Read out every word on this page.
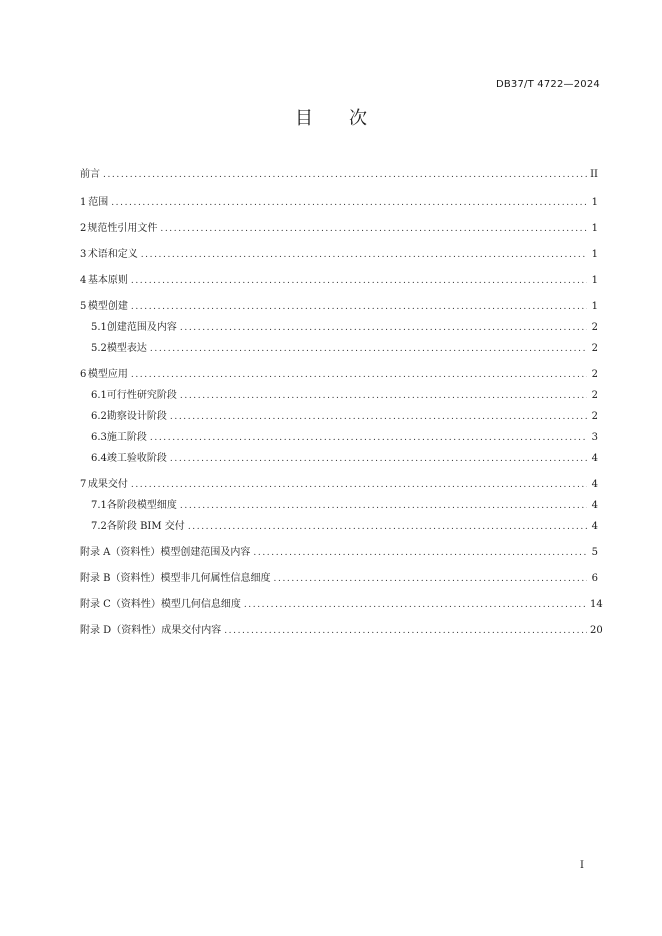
DB37/T 4722—2024
目 次
前言 .....	II
1 范围 .....	1
2 规范性引用文件 .....	1
3 术语和定义 .....	1
4 基本原则 .....	1
5 模型创建 .....	1
5.1 创建范围及内容 .....	2
5.2 模型表达 .....	2
6 模型应用 .....	2
6.1 可行性研究阶段 .....	2
6.2 勘察设计阶段 .....	2
6.3 施工阶段 .....	3
6.4 竣工验收阶段 .....	4
7 成果交付 .....	4
7.1 各阶段模型细度 .....	4
7.2 各阶段 BIM 交付 .....	4
附录 A（资料性） 模型创建范围及内容 .....	5
附录 B（资料性） 模型非几何属性信息细度 .....	6
附录 C（资料性） 模型几何信息细度 .....	14
附录 D（资料性） 成果交付内容 .....	20
I
